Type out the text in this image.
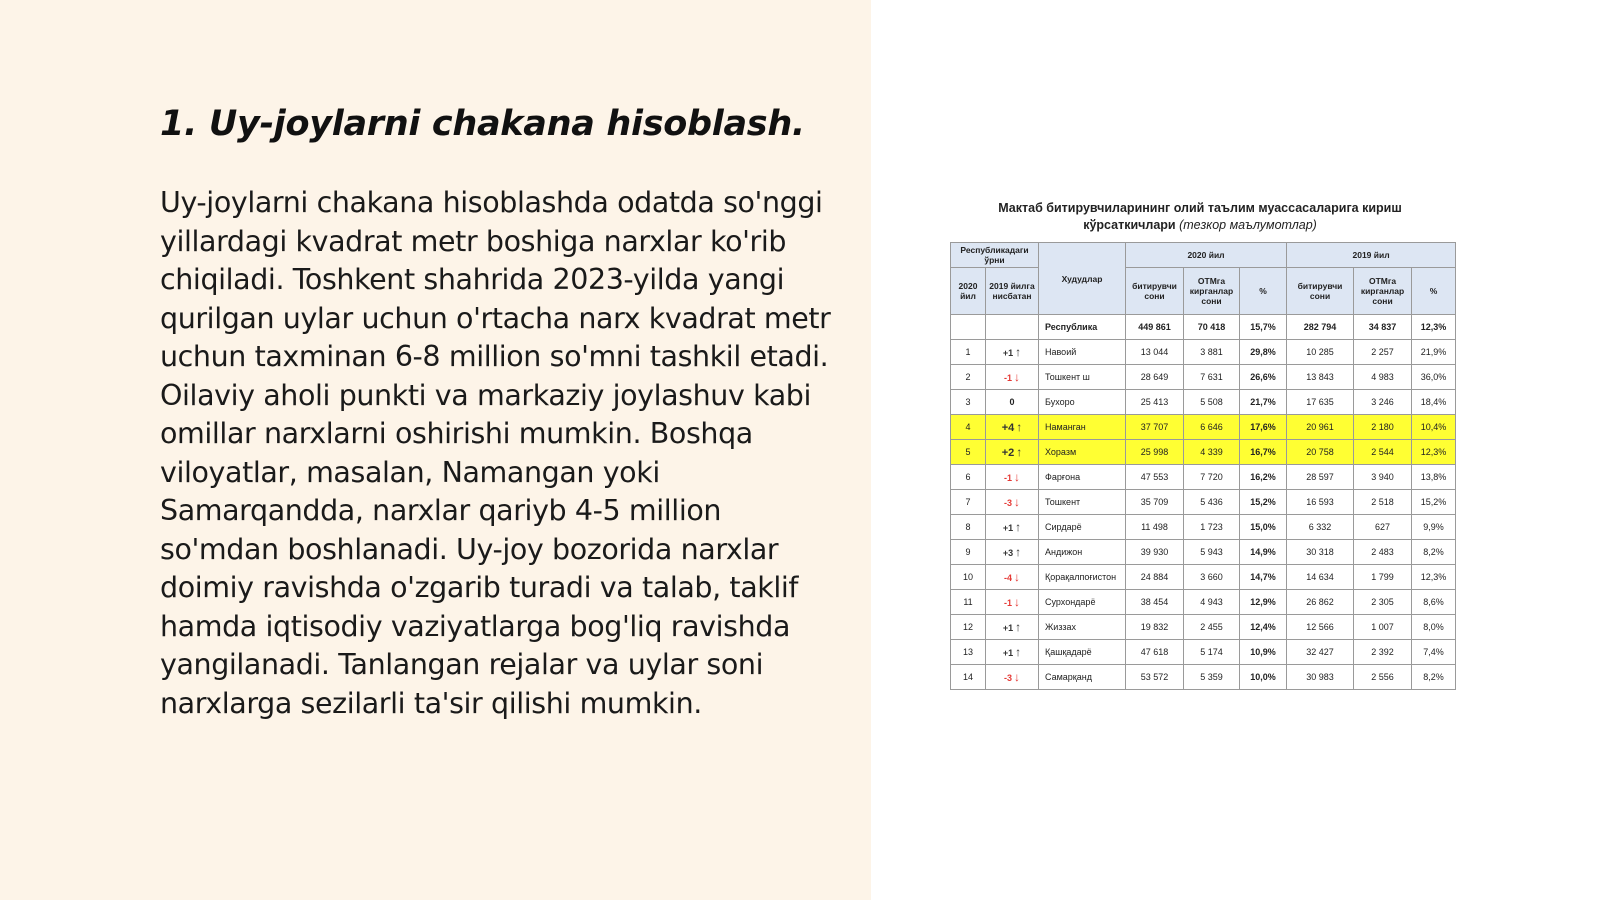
1. Uy-joylarni chakana hisoblash.

Uy-joylarni chakana hisoblashda odatda so'nggi yillardagi kvadrat metr boshiga narxlar ko'rib chiqiladi. Toshkent shahrida 2023-yilda yangi qurilgan uylar uchun o'rtacha narx kvadrat metr uchun taxminan 6-8 million so'mni tashkil etadi. Oilaviy aholi punkti va markaziy joylashuv kabi omillar narxlarni oshirishi mumkin. Boshqa viloyatlar, masalan, Namangan yoki Samarqandda, narxlar qariyb 4-5 million so'mdan boshlanadi. Uy-joy bozorida narxlar doimiy ravishda o'zgarib turadi va talab, taklif hamda iqtisodiy vaziyatlarga bog'liq ravishda yangilanadi. Tanlangan rejalar va uylar soni narxlarga sezilarli ta'sir qilishi mumkin.

Мактаб битирувчиларининг олий таълим муассасаларига кириш кўрсаткичлари (тезкор маълумотлар)
Республикадаги ўрни		Худудлар	2020 йил			2019 йил		
2020 йил	2019 йилга нисбатан		битирувчи сони	ОТМга кирганлар сони	%	битирувчи сони	ОТМга кирганлар сони	%
		Республика	449 861	70 418	15,7%	282 794	34 837	12,3%
1	+1 ↑	Навоий	13 044	3 881	29,8%	10 285	2 257	21,9%
2	-1 ↓	Тошкент ш	28 649	7 631	26,6%	13 843	4 983	36,0%
3	0	Бухоро	25 413	5 508	21,7%	17 635	3 246	18,4%
4	+4 ↑	Наманган	37 707	6 646	17,6%	20 961	2 180	10,4%
5	+2 ↑	Хоразм	25 998	4 339	16,7%	20 758	2 544	12,3%
6	-1 ↓	Фарғона	47 553	7 720	16,2%	28 597	3 940	13,8%
7	-3 ↓	Тошкент	35 709	5 436	15,2%	16 593	2 518	15,2%
8	+1 ↑	Сирдарё	11 498	1 723	15,0%	6 332	627	9,9%
9	+3 ↑	Андижон	39 930	5 943	14,9%	30 318	2 483	8,2%
10	-4 ↓	Қорақалпоғистон	24 884	3 660	14,7%	14 634	1 799	12,3%
11	-1 ↓	Сурхондарё	38 454	4 943	12,9%	26 862	2 305	8,6%
12	+1 ↑	Жиззах	19 832	2 455	12,4%	12 566	1 007	8,0%
13	+1 ↑	Қашқадарё	47 618	5 174	10,9%	32 427	2 392	7,4%
14	-3 ↓	Самарқанд	53 572	5 359	10,0%	30 983	2 556	8,2%
